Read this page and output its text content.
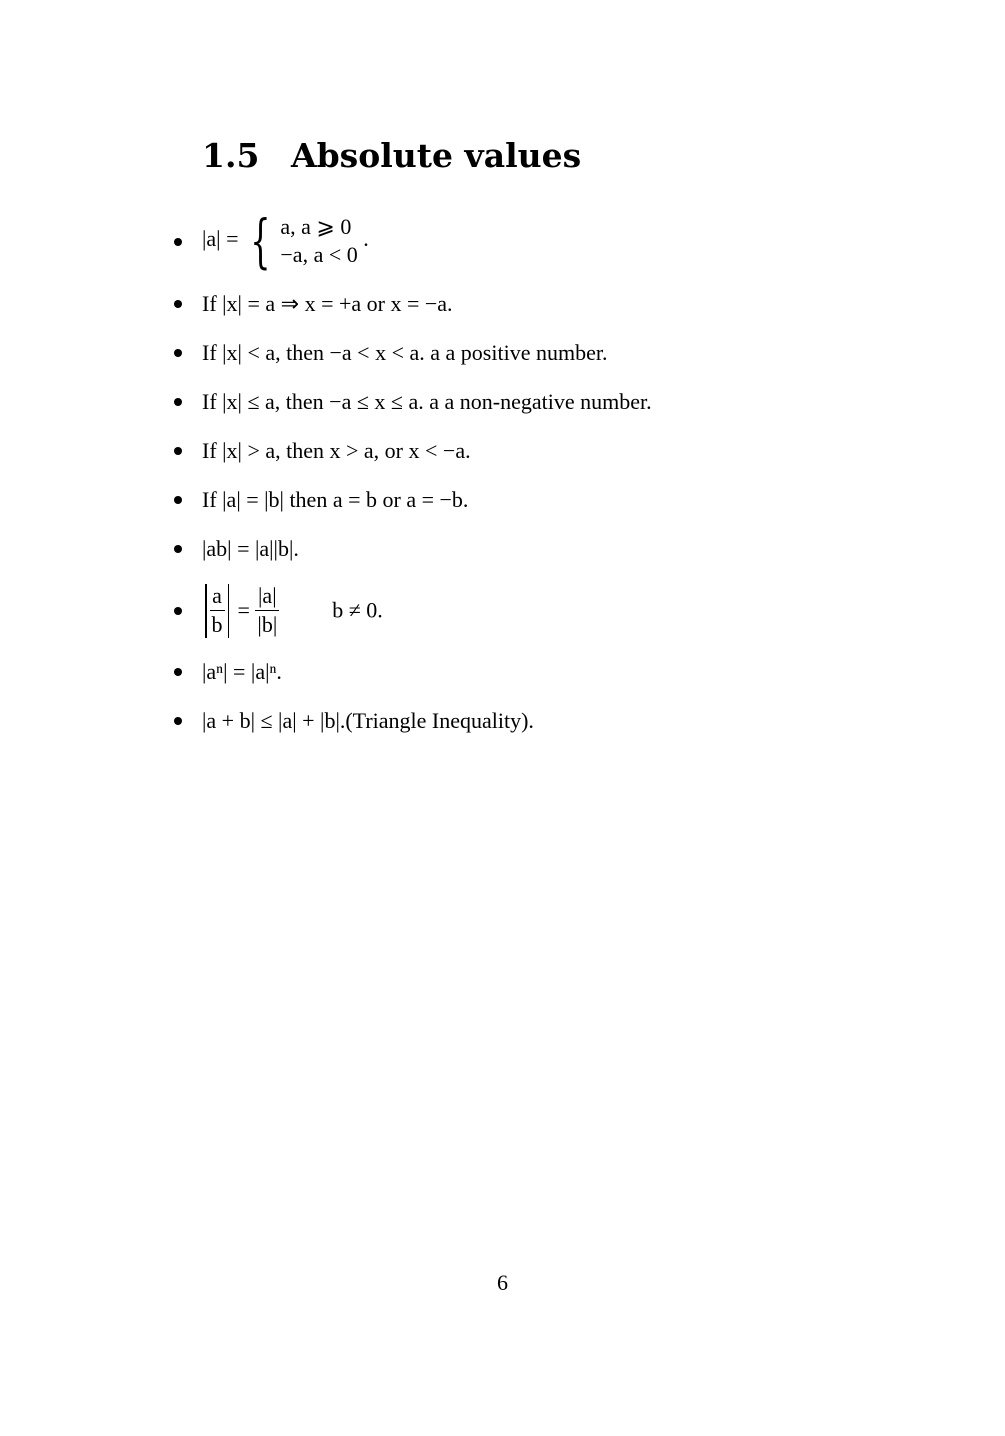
1.5 Absolute values
|a| = { a, a ⩾ 0
−a, a < 0
.
If |x| = a ⇒ x = +a or x = −a.
If |x| < a, then −a < x < a. a a positive number.
If |x| ≤ a, then −a ≤ x ≤ a. a a non-negative number.
If |x| > a, then x > a, or x < −a.
If |a| = |b| then a = b or a = −b.
|ab| = |a||b|.
$\frac{a}{b} = \frac{|a|}{|b|}$ b ≠ 0.
|aⁿ| = |a|ⁿ.
|a + b| ≤ |a| + |b|.(Triangle Inequality).
6
